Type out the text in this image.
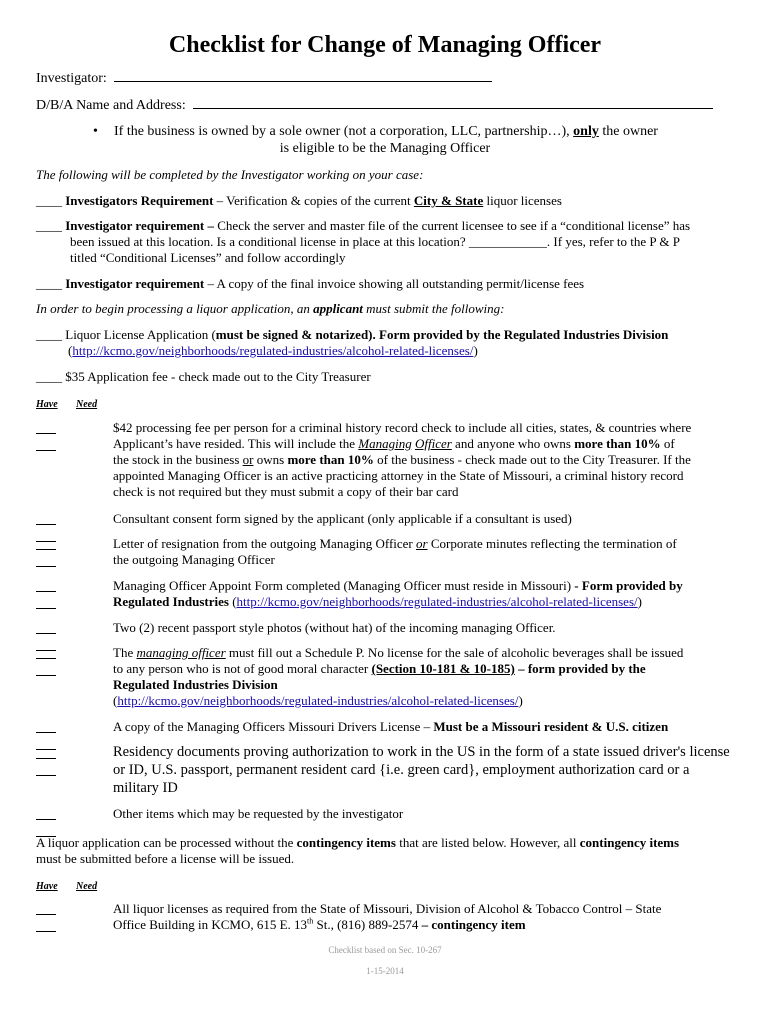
Checklist for Change of Managing Officer
Investigator:
D/B/A Name and Address:
• If the business is owned by a sole owner (not a corporation, LLC, partnership…), only the owner
is eligible to be the Managing Officer
The following will be completed by the Investigator working on your case:
____ Investigators Requirement – Verification & copies of the current City & State liquor licenses
____ Investigator requirement – Check the server and master file of the current licensee to see if a “conditional license” has
been issued at this location. Is a conditional license in place at this location? ____________. If yes, refer to the P & P
titled “Conditional Licenses” and follow accordingly
____ Investigator requirement – A copy of the final invoice showing all outstanding permit/license fees
In order to begin processing a liquor application, an applicant must submit the following:
____ Liquor License Application (must be signed & notarized). Form provided by the Regulated Industries Division
(http://kcmo.gov/neighborhoods/regulated-industries/alcohol-related-licenses/)
____ $35 Application fee - check made out to the City Treasurer
Have Need
$42 processing fee per person for a criminal history record check to include all cities, states, & countries where
Applicant’s have resided. This will include the Managing Officer and anyone who owns more than 10% of
the stock in the business or owns more than 10% of the business - check made out to the City Treasurer. If the
appointed Managing Officer is an active practicing attorney in the State of Missouri, a criminal history record
check is not required but they must submit a copy of their bar card
Consultant consent form signed by the applicant (only applicable if a consultant is used)
Letter of resignation from the outgoing Managing Officer or Corporate minutes reflecting the termination of
the outgoing Managing Officer
Managing Officer Appoint Form completed (Managing Officer must reside in Missouri) - Form provided by
Regulated Industries (http://kcmo.gov/neighborhoods/regulated-industries/alcohol-related-licenses/)
Two (2) recent passport style photos (without hat) of the incoming managing Officer.
The managing officer must fill out a Schedule P. No license for the sale of alcoholic beverages shall be issued
to any person who is not of good moral character (Section 10-181 & 10-185) – form provided by the
Regulated Industries Division
(http://kcmo.gov/neighborhoods/regulated-industries/alcohol-related-licenses/)
A copy of the Managing Officers Missouri Drivers License – Must be a Missouri resident & U.S. citizen
Residency documents proving authorization to work in the US in the form of a state issued driver's license
or ID, U.S. passport, permanent resident card {i.e. green card}, employment authorization card or a
military ID
Other items which may be requested by the investigator
A liquor application can be processed without the contingency items that are listed below. However, all contingency items
must be submitted before a license will be issued.
Have Need
All liquor licenses as required from the State of Missouri, Division of Alcohol & Tobacco Control – State
Office Building in KCMO, 615 E. 13th St., (816) 889-2574 – contingency item
Checklist based on Sec. 10-267
1-15-2014
